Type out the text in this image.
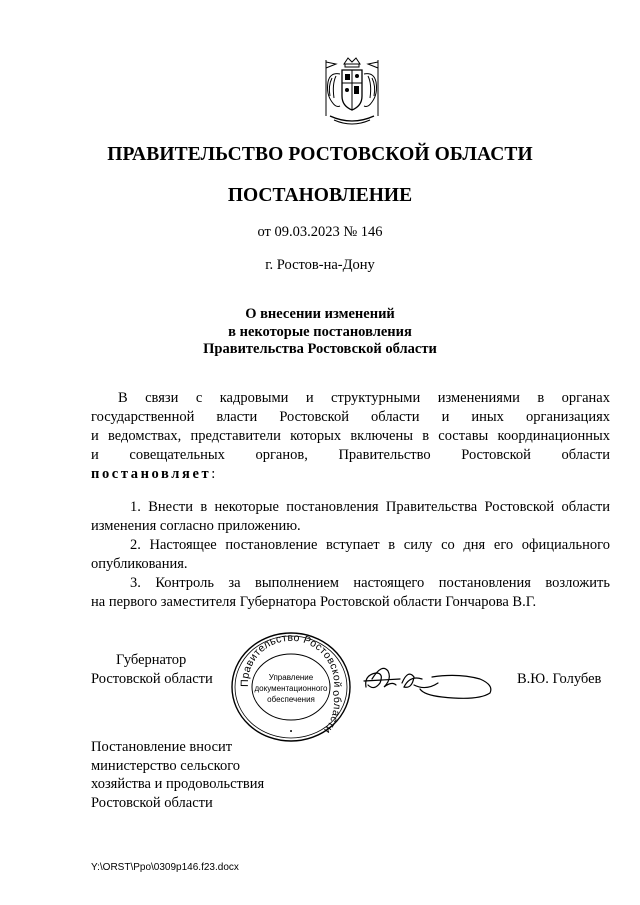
ПРАВИТЕЛЬСТВО РОСТОВСКОЙ ОБЛАСТИ
ПОСТАНОВЛЕНИЕ
от 09.03.2023 № 146
г. Ростов-на-Дону
О внесении изменений
в некоторые постановления
Правительства Ростовской области
В связи с кадровыми и структурными изменениями в органах
государственной власти Ростовской области и иных организациях
и ведомствах, представители которых включены в составы координационных
и совещательных органов, Правительство Ростовской области
постановляет:
1. Внести в некоторые постановления Правительства Ростовской области
изменения согласно приложению.
2. Настоящее постановление вступает в силу со дня его официального
опубликования.
3. Контроль за выполнением настоящего постановления возложить
на первого заместителя Губернатора Ростовской области Гончарова В.Г.
Губернатор
Ростовской области Правительство Ростовской области
Управление
документационного
обеспечения
•
В.Ю. Голубев
Постановление вносит
министерство сельского
хозяйства и продовольствия
Ростовской области
Y:\ORST\Ppo\0309p146.f23.docx
